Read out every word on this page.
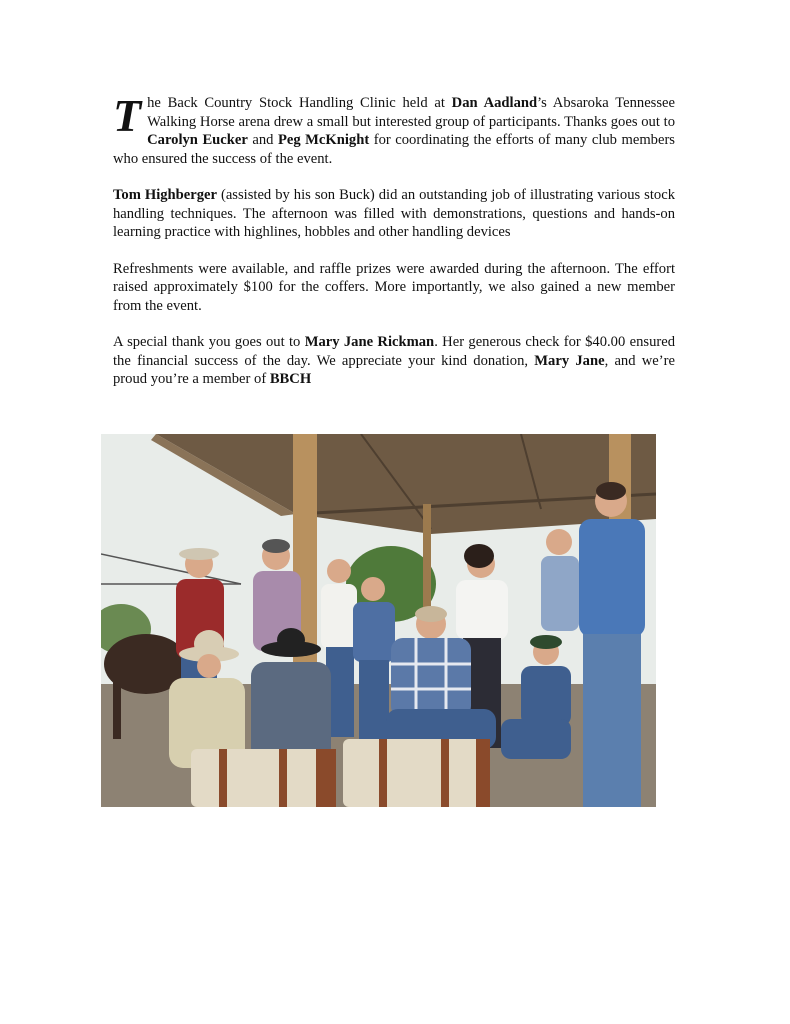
The Back Country Stock Handling Clinic held at Dan Aadland’s Absaroka Tennessee Walking Horse arena drew a small but interested group of participants. Thanks goes out to Carolyn Eucker and Peg McKnight for coordinating the efforts of many club members who ensured the success of the event.

Tom Highberger (assisted by his son Buck) did an outstanding job of illustrating various stock handling techniques. The afternoon was filled with demonstrations, questions and hands-on learning practice with highlines, hobbles and other handling devices

Refreshments were available, and raffle prizes were awarded during the afternoon. The effort raised approximately $100 for the coffers. More importantly, we also gained a new member from the event.

A special thank you goes out to Mary Jane Rickman. Her generous check for $40.00 ensured the financial success of the day. We appreciate your kind donation, Mary Jane, and we’re proud you’re a member of BBCH
